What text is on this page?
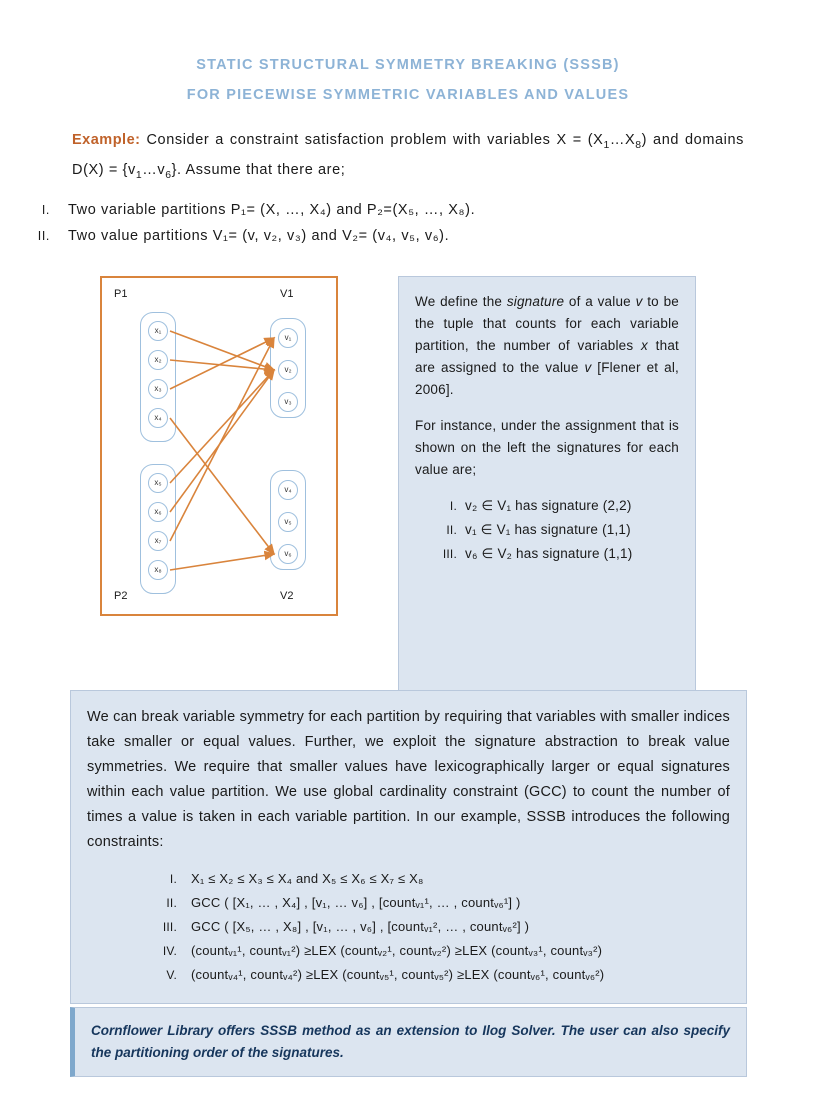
STATIC STRUCTURAL SYMMETRY BREAKING (SSSB)
FOR PIECEWISE SYMMETRIC VARIABLES AND VALUES
Example: Consider a constraint satisfaction problem with variables $X = (X_1\dots X_8)$ and domains $D(X) = \{v_1\dots v_6\}$. Assume that there are;
I.	Two variable partitions P₁= (X, …, X₄) and P₂=(X₅, …, X₈).
II.	Two value partitions V₁= (v, v₂, v₃) and V₂= (v₄, v₅, v₆).
P1	V1
P2	V2
x₁
x₂
x₃
x₄
x₅
x₆
x₇
x₈
v₁
v₂
v₃
v₄
v₅
v₆

We define the signature of a value v to be the tuple that counts for each variable partition, the number of variables x that are assigned to the value v [Flener et al, 2006].

For instance, under the assignment that is shown on the left the signatures for each value are;

I. v₂ ∈ V₁ has signature (2,2)
II. v₁ ∈ V₁ has signature (1,1)
III. v₆ ∈ V₂ has signature (1,1)

We can break variable symmetry for each partition by requiring that variables with smaller indices take smaller or equal values. Further, we exploit the signature abstraction to break value symmetries. We require that smaller values have lexicographically larger or equal signatures within each value partition. We use global cardinality constraint (GCC) to count the number of times a value is taken in each variable partition. In our example, SSSB introduces the following constraints:

I.	X₁ ≤ X₂ ≤ X₃ ≤ X₄ and X₅ ≤ X₆ ≤ X₇ ≤ X₈
II.	GCC ( [X₁, … , X₄] , [v₁, … v₆] , [countᵥ₁¹, … , countᵥ₆¹] )
III.	GCC ( [X₅, … , X₈] , [v₁, … , v₆] , [countᵥ₁², … , countᵥ₆²] )
IV.	(countᵥ₁¹, countᵥ₁²) ≥LEX (countᵥ₂¹, countᵥ₂²) ≥LEX (countᵥ₃¹, countᵥ₃²)
V.	(countᵥ₄¹, countᵥ₄²) ≥LEX (countᵥ₅¹, countᵥ₅²) ≥LEX (countᵥ₆¹, countᵥ₆²)
Cornflower Library offers SSSB method as an extension to Ilog Solver. The user can also specify the partitioning order of the signatures.
